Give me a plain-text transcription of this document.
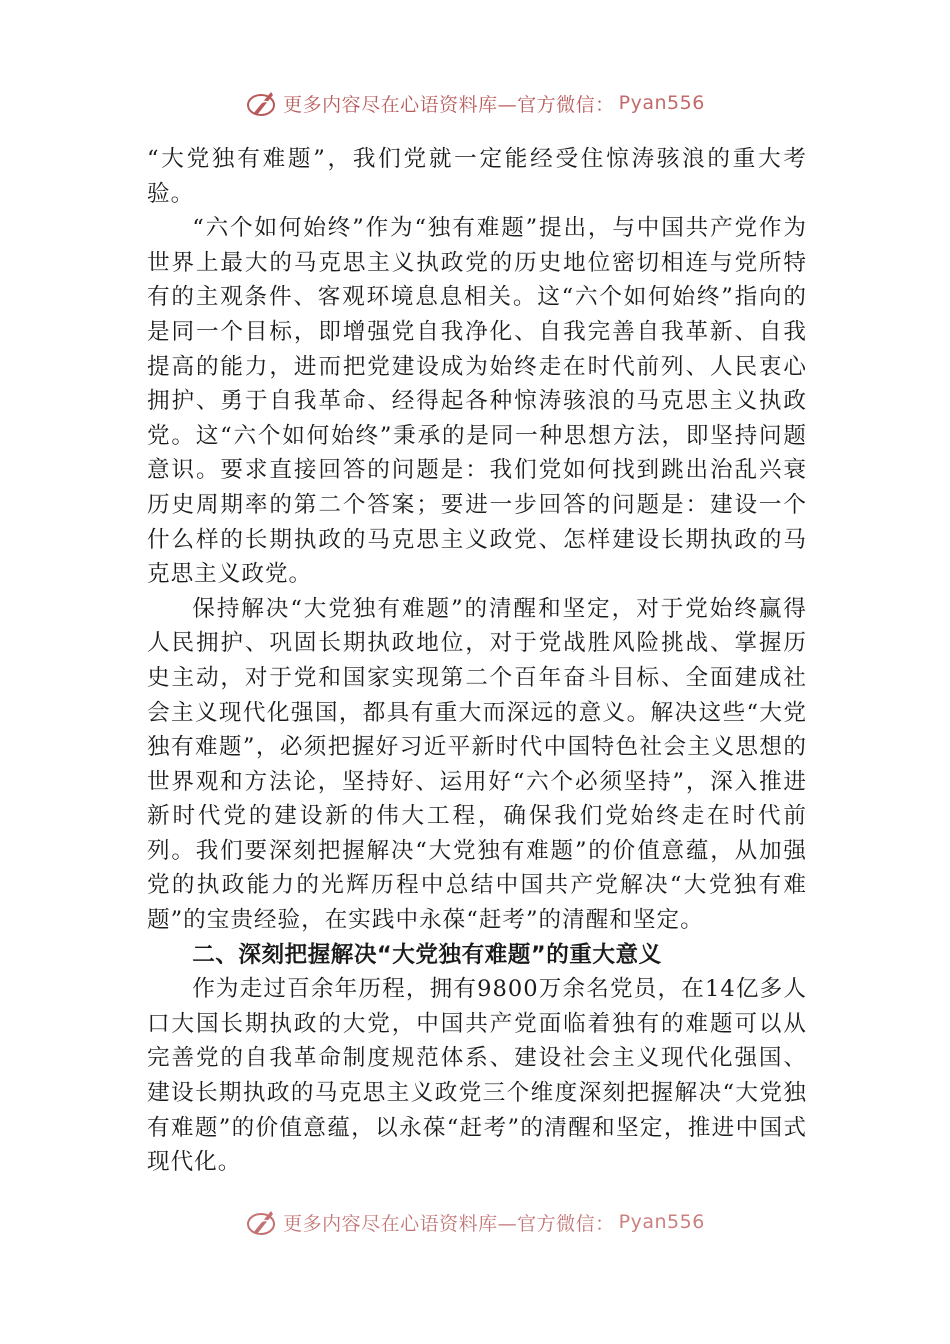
更多内容尽在心语资料库—官方微信： Pyan556

“大党独有难题”，我们党就一定能经受住惊涛骇浪的重大考验。

“六个如何始终”作为“独有难题”提出，与中国共产党作为世界上最大的马克思主义执政党的历史地位密切相连与党所特有的主观条件、客观环境息息相关。这“六个如何始终”指向的是同一个目标，即增强党自我净化、自我完善自我革新、自我提高的能力，进而把党建设成为始终走在时代前列、人民衷心拥护、勇于自我革命、经得起各种惊涛骇浪的马克思主义执政党。这“六个如何始终”秉承的是同一种思想方法，即坚持问题意识。要求直接回答的问题是：我们党如何找到跳出治乱兴衰历史周期率的第二个答案；要进一步回答的问题是：建设一个什么样的长期执政的马克思主义政党、怎样建设长期执政的马克思主义政党。

保持解决“大党独有难题”的清醒和坚定，对于党始终赢得人民拥护、巩固长期执政地位，对于党战胜风险挑战、掌握历史主动，对于党和国家实现第二个百年奋斗目标、全面建成社会主义现代化强国，都具有重大而深远的意义。解决这些“大党独有难题”，必须把握好习近平新时代中国特色社会主义思想的世界观和方法论，坚持好、运用好“六个必须坚持”，深入推进新时代党的建设新的伟大工程，确保我们党始终走在时代前列。我们要深刻把握解决“大党独有难题”的价值意蕴，从加强党的执政能力的光辉历程中总结中国共产党解决“大党独有难题”的宝贵经验，在实践中永葆“赶考”的清醒和坚定。

二、深刻把握解决“大党独有难题”的重大意义

作为走过百余年历程，拥有9800万余名党员，在14亿多人口大国长期执政的大党，中国共产党面临着独有的难题可以从完善党的自我革命制度规范体系、建设社会主义现代化强国、建设长期执政的马克思主义政党三个维度深刻把握解决“大党独有难题”的价值意蕴，以永葆“赶考”的清醒和坚定，推进中国式现代化。

更多内容尽在心语资料库—官方微信： Pyan556
